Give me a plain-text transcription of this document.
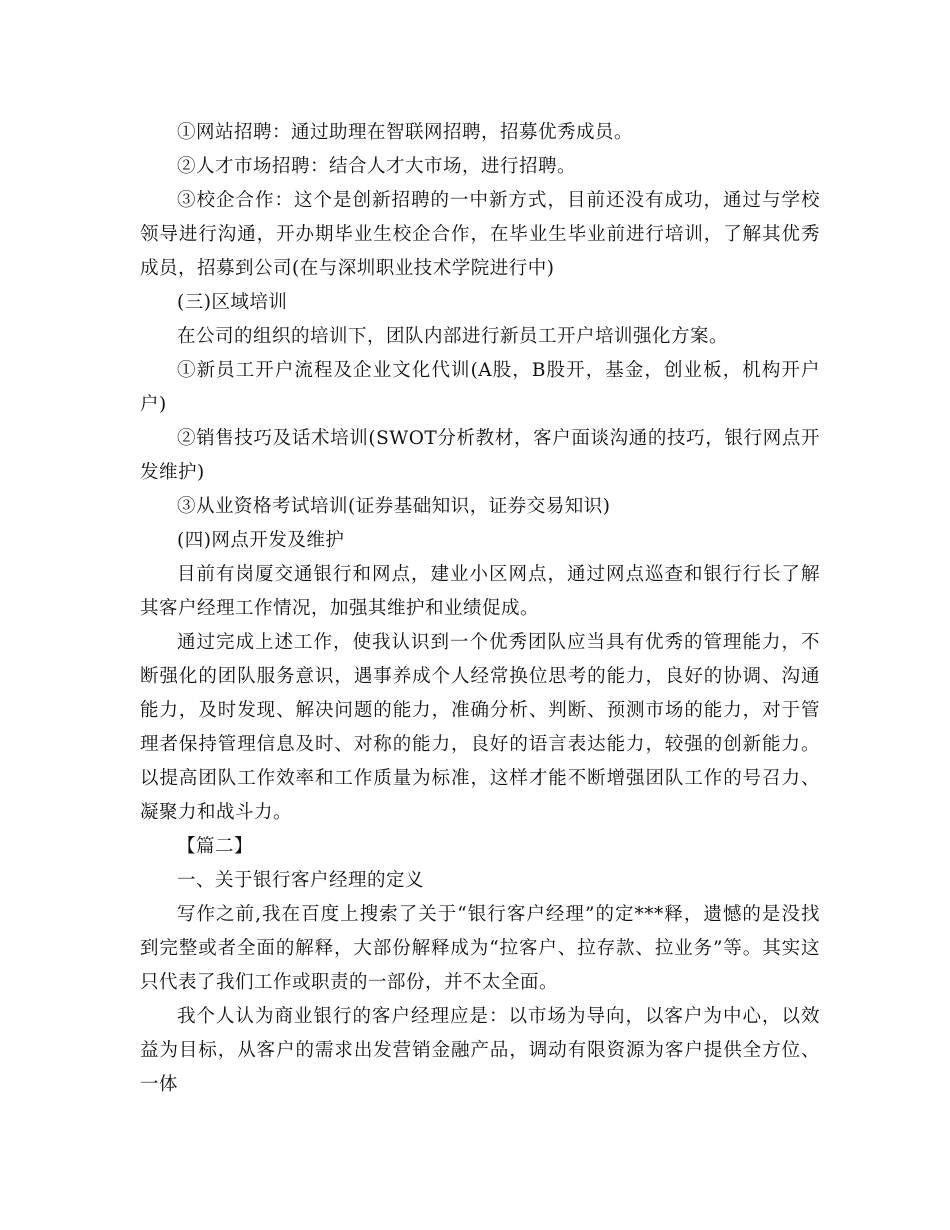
①网站招聘：通过助理在智联网招聘，招募优秀成员。

②人才市场招聘：结合人才大市场，进行招聘。

③校企合作：这个是创新招聘的一中新方式，目前还没有成功，通过与学校领导进行沟通，开办期毕业生校企合作，在毕业生毕业前进行培训，了解其优秀成员，招募到公司(在与深圳职业技术学院进行中)

(三)区域培训

在公司的组织的培训下，团队内部进行新员工开户培训强化方案。

①新员工开户流程及企业文化代训(A股，B股开，基金，创业板，机构开户户)

②销售技巧及话术培训(SWOT分析教材，客户面谈沟通的技巧，银行网点开发维护)

③从业资格考试培训(证券基础知识，证券交易知识)

(四)网点开发及维护

目前有岗厦交通银行和网点，建业小区网点，通过网点巡查和银行行长了解其客户经理工作情况，加强其维护和业绩促成。

通过完成上述工作，使我认识到一个优秀团队应当具有优秀的管理能力，不断强化的团队服务意识，遇事养成个人经常换位思考的能力，良好的协调、沟通能力，及时发现、解决问题的能力，准确分析、判断、预测市场的能力，对于管理者保持管理信息及时、对称的能力，良好的语言表达能力，较强的创新能力。以提高团队工作效率和工作质量为标准，这样才能不断增强团队工作的号召力、凝聚力和战斗力。

【篇二】

一、关于银行客户经理的定义

写作之前,我在百度上搜索了关于“银行客户经理”的定***释，遗憾的是没找到完整或者全面的解释，大部份解释成为“拉客户、拉存款、拉业务”等。其实这只代表了我们工作或职责的一部份，并不太全面。

我个人认为商业银行的客户经理应是：以市场为导向，以客户为中心，以效益为目标，从客户的需求出发营销金融产品，调动有限资源为客户提供全方位、一体
